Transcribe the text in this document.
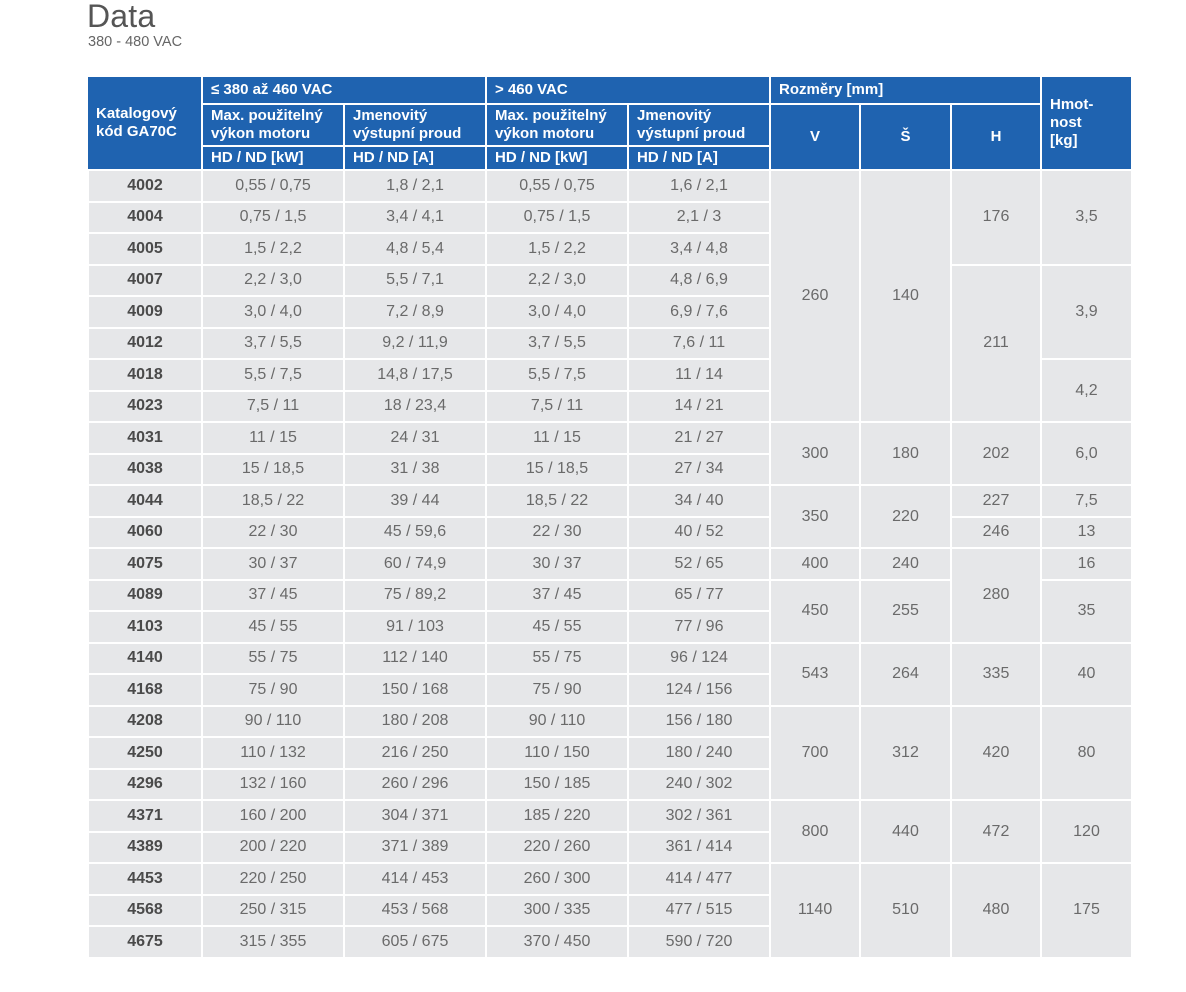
Data
380 - 480 VAC
Katalogový
kód GA70C	≤ 380 až 460 VAC		> 460 VAC		Rozměry [mm]			Hmot-
nost
[kg]
	Max. použitelný
výkon motoru	Jmenovitý
výstupní proud	Max. použitelný
výkon motoru	Jmenovitý
výstupní proud	V	Š	H	
	HD / ND [kW]	HD / ND [A]	HD / ND [kW]	HD / ND [A]				
4002	0,55 / 0,75	1,8 / 2,1	0,55 / 0,75	1,6 / 2,1	260	140	176	3,5
4004	0,75 / 1,5	3,4 / 4,1	0,75 / 1,5	2,1 / 3				
4005	1,5 / 2,2	4,8 / 5,4	1,5 / 2,2	3,4 / 4,8				
4007	2,2 / 3,0	5,5 / 7,1	2,2 / 3,0	4,8 / 6,9			211	3,9
4009	3,0 / 4,0	7,2 / 8,9	3,0 / 4,0	6,9 / 7,6				
4012	3,7 / 5,5	9,2 / 11,9	3,7 / 5,5	7,6 / 11				
4018	5,5 / 7,5	14,8 / 17,5	5,5 / 7,5	11 / 14				4,2
4023	7,5 / 11	18 / 23,4	7,5 / 11	14 / 21				
4031	11 / 15	24 / 31	11 / 15	21 / 27	300	180	202	6,0
4038	15 / 18,5	31 / 38	15 / 18,5	27 / 34				
4044	18,5 / 22	39 / 44	18,5 / 22	34 / 40	350	220	227	7,5
4060	22 / 30	45 / 59,6	22 / 30	40 / 52			246	13
4075	30 / 37	60 / 74,9	30 / 37	52 / 65	400	240	280	16
4089	37 / 45	75 / 89,2	37 / 45	65 / 77	450	255		35
4103	45 / 55	91 / 103	45 / 55	77 / 96				
4140	55 / 75	112 / 140	55 / 75	96 / 124	543	264	335	40
4168	75 / 90	150 / 168	75 / 90	124 / 156				
4208	90 / 110	180 / 208	90 / 110	156 / 180	700	312	420	80
4250	110 / 132	216 / 250	110 / 150	180 / 240				
4296	132 / 160	260 / 296	150 / 185	240 / 302				
4371	160 / 200	304 / 371	185 / 220	302 / 361	800	440	472	120
4389	200 / 220	371 / 389	220 / 260	361 / 414				
4453	220 / 250	414 / 453	260 / 300	414 / 477	1140	510	480	175
4568	250 / 315	453 / 568	300 / 335	477 / 515				
4675	315 / 355	605 / 675	370 / 450	590 / 720				
